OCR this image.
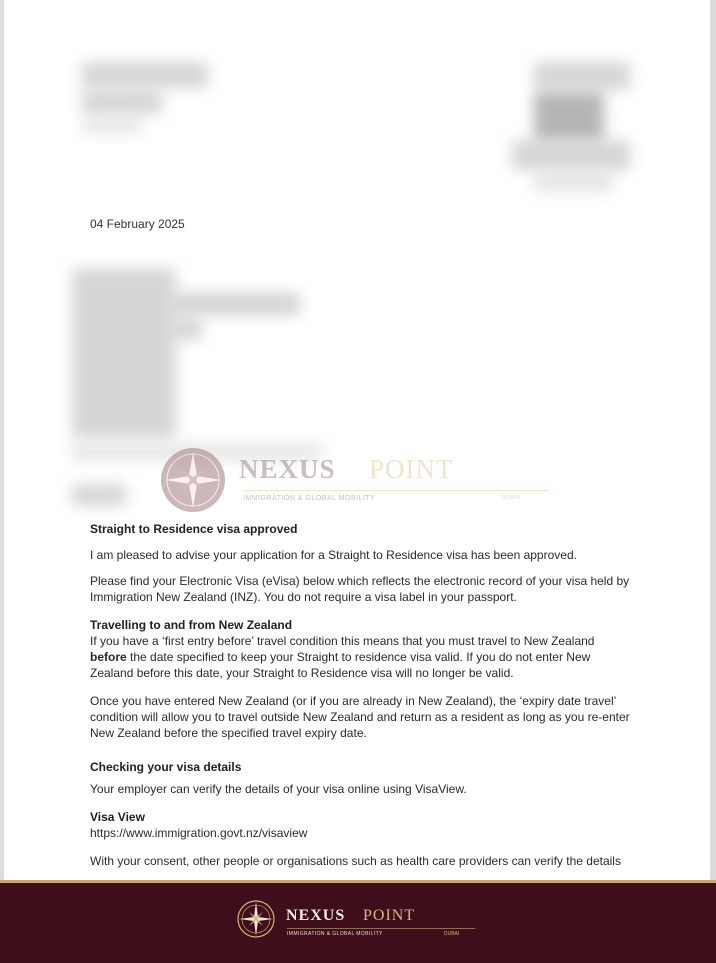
04 February 2025
NEXUS POINT
IMMIGRATION & GLOBAL MOBILITY	DUBAI

Straight to Residence visa approved

I am pleased to advise your application for a Straight to Residence visa has been approved.

Please find your Electronic Visa (eVisa) below which reflects the electronic record of your visa held by Immigration New Zealand (INZ). You do not require a visa label in your passport.

Travelling to and from New Zealand

If you have a ‘first entry before’ travel condition this means that you must travel to New Zealand before the date specified to keep your Straight to residence visa valid. If you do not enter New Zealand before this date, your Straight to Residence visa will no longer be valid.

Once you have entered New Zealand (or if you are already in New Zealand), the ‘expiry date travel’ condition will allow you to travel outside New Zealand and return as a resident as long as you re-enter New Zealand before the specified travel expiry date.

Checking your visa details

Your employer can verify the details of your visa online using VisaView.

Visa View

https://www.immigration.govt.nz/visaview

With your consent, other people or organisations such as health care providers can verify the details

NEXUS POINT
IMMIGRATION & GLOBAL MOBILITY	DUBAI
